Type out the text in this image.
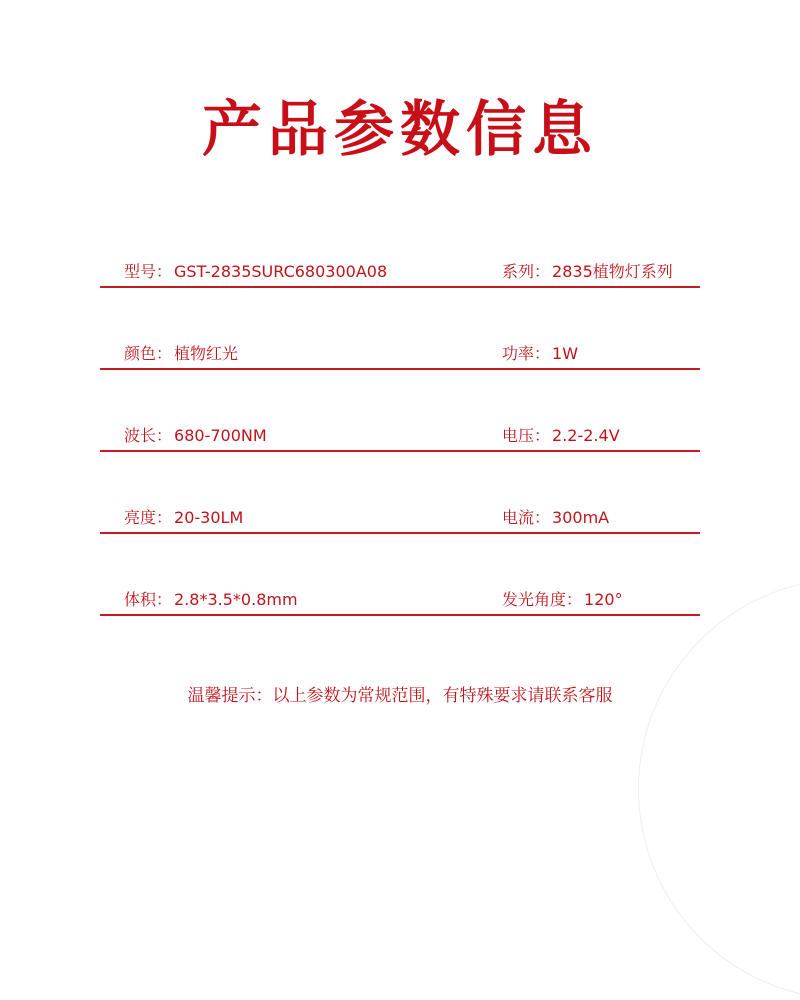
产品参数信息
型号： GST-2835SURC680300A08	系列： 2835植物灯系列
颜色： 植物红光	功率： 1W
波长： 680-700NM	电压： 2.2-2.4V
亮度： 20-30LM	电流： 300mA
体积： 2.8*3.5*0.8mm	发光角度： 120°
温馨提示：以上参数为常规范围，有特殊要求请联系客服
